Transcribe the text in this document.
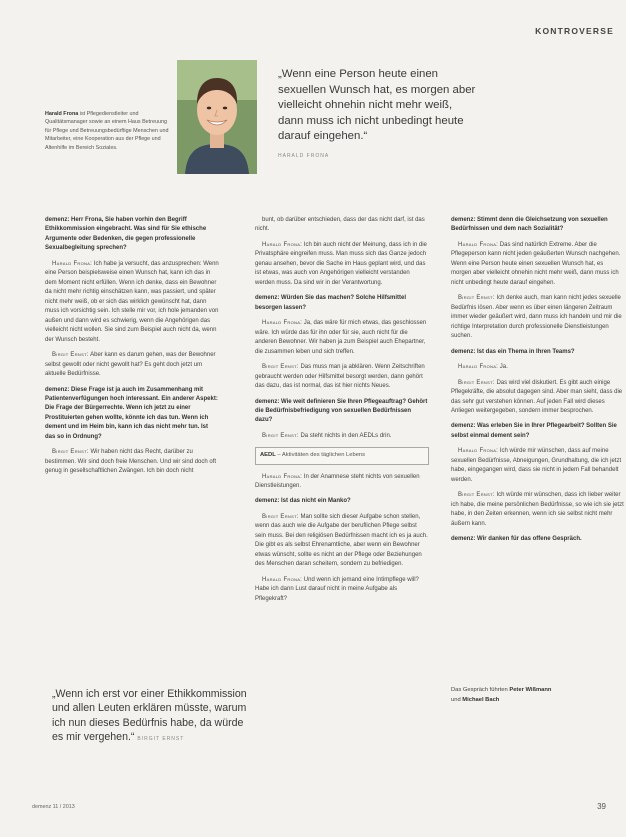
KONTROVERSE
Harald Frona ist Pflegedienstleiter und Qualitätsmanager sowie an einem Haus Betreuung für Pflege und Betreuungsbedürftige Menschen und Mitarbeiter, eine Kooperation aus der Pflege und Altenhilfe im Bereich Soziales.
„Wenn eine Person heute einen sexuellen Wunsch hat, es morgen aber vielleicht ohnehin nicht mehr weiß, dann muss ich nicht unbedingt heute darauf eingehen.“
HARALD FRONA

demenz: Herr Frona, Sie haben vorhin den Begriff Ethikkommission eingebracht. Was sind für Sie ethische Argumente oder Bedenken, die gegen professionelle Sexualbegleitung sprechen?

Harald Frona: Ich habe ja versucht, das anzusprechen: Wenn eine Person beispielsweise einen Wunsch hat, kann ich das in dem Moment nicht erfüllen. Wenn ich denke, dass ein Bewohner da nicht mehr richtig einschätzen kann, was passiert, und später nicht mehr weiß, ob er sich das wirklich gewünscht hat, dann muss ich vorsichtig sein. Ich stelle mir vor, ich hole jemanden von außen und dann wird es schwierig, wenn die Angehörigen das vielleicht nicht wollen. Sie sind zum Beispiel auch nicht da, wenn der Wunsch besteht.

Birgit Ernst: Aber kann es darum gehen, was der Bewohner selbst gewollt oder nicht gewollt hat? Es geht doch jetzt um aktuelle Bedürfnisse.

demenz: Diese Frage ist ja auch im Zusammenhang mit Patientenverfügungen hoch interessant. Ein anderer Aspekt: Die Frage der Bürgerrechte. Wenn ich jetzt zu einer Prostituierten gehen wollte, könnte ich das tun. Wenn ich dement und im Heim bin, kann ich das nicht mehr tun. Ist das so in Ordnung?

Birgit Ernst: Wir haben nicht das Recht, darüber zu bestimmen. Wir sind doch freie Menschen. Und wir sind doch oft genug in gesellschaftlichen Zwängen. Ich bin doch nicht

bunt, ob darüber entschieden, dass der das nicht darf, ist das nicht.

Harald Frona: Ich bin auch nicht der Meinung, dass ich in die Privatsphäre eingreifen muss. Man muss sich das Ganze jedoch genau ansehen, bevor die Sache im Haus geplant wird, und das ist etwas, was auch von Angehörigen vielleicht verstanden werden muss. Da sind wir in der Verantwortung.

demenz: Würden Sie das machen? Solche Hilfsmittel besorgen lassen?

Harald Frona: Ja, das wäre für mich etwas, das geschlossen wäre. Ich würde das für ihn oder für sie, auch nicht für die anderen Bewohner. Wir haben ja zum Beispiel auch Ehepartner, die zusammen leben und sich treffen.

Birgit Ernst: Das muss man ja abklären. Wenn Zeitschriften gebraucht werden oder Hilfsmittel besorgt werden, dann gehört das dazu, das ist normal, das ist hier nichts Neues.

demenz: Wie weit definieren Sie Ihren Pflegeauftrag? Gehört die Bedürfnisbefriedigung von sexuellen Bedürfnissen dazu?

Birgit Ernst: Da steht nichts in den AEDLs drin.

AEDL – Aktivitäten des täglichen Lebens

Harald Frona: In der Anamnese steht nichts von sexuellen Dienstleistungen.

demenz: Ist das nicht ein Manko?

Birgit Ernst: Man sollte sich dieser Aufgabe schon stellen, wenn das auch wie die Aufgabe der beruflichen Pflege selbst sein muss. Bei den religiösen Bedürfnissen macht ich es ja auch. Die gibt es als selbst Ehrenamtliche, aber wenn ein Bewohner etwas wünscht, sollte es nicht an der Pflege oder Beziehungen des Menschen daran scheitern, sondern zu befriedigen.

Harald Frona: Und wenn ich jemand eine Intimpflege will? Habe ich dann Lust darauf nicht in meine Aufgabe als Pflegekraft?

demenz: Stimmt denn die Gleichsetzung von sexuellen Bedürfnissen und dem nach Sozialität?

Harald Frona: Das sind natürlich Extreme. Aber die Pflegeperson kann nicht jeden geäußerten Wunsch nachgehen. Wenn eine Person heute einen sexuellen Wunsch hat, es morgen aber vielleicht ohnehin nicht mehr weiß, dann muss ich nicht unbedingt heute darauf eingehen.

Birgit Ernst: Ich denke auch, man kann nicht jedes sexuelle Bedürfnis lösen. Aber wenn es über einen längeren Zeitraum immer wieder geäußert wird, dann muss ich handeln und mir die richtige Interpretation durch professionelle Dienstleistungen suchen.

demenz: Ist das ein Thema in Ihren Teams?

Harald Frona: Ja.

Birgit Ernst: Das wird viel diskutiert. Es gibt auch einige Pflegekräfte, die absolut dagegen sind. Aber man sieht, dass die das sehr gut verstehen können. Auf jeden Fall wird dieses Anliegen weitergegeben, sondern immer besprochen.

demenz: Was erleben Sie in Ihrer Pflegearbeit? Sollten Sie selbst einmal dement sein?

Harald Frona: Ich würde mir wünschen, dass auf meine sexuellen Bedürfnisse, Abneigungen, Grundhaltung, die ich jetzt habe, eingegangen wird, dass sie nicht in jedem Fall behandelt werden.

Birgit Ernst: Ich würde mir wünschen, dass ich lieber weiter ich habe, die meine persönlichen Bedürfnisse, so wie ich sie jetzt habe, in den Zeiten erkennen, wenn ich sie selbst nicht mehr äußern kann.

demenz: Wir danken für das offene Gespräch.

„Wenn ich erst vor einer Ethikkommission und allen Leuten erklären müsste, warum ich nun dieses Bedürfnis habe, da würde es mir vergehen.“ BIRGIT ERNST
Das Gespräch führten Peter Wißmann
und Michael Bach
demenz 11 / 2013	39
